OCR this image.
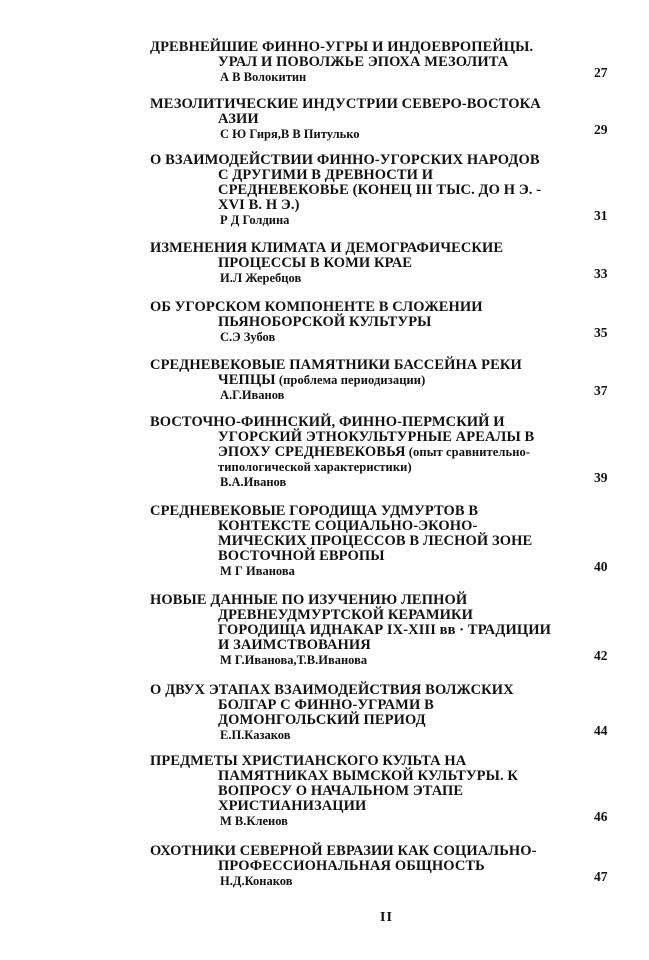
ДРЕВНЕЙШИЕ ФИННО-УГРЫ И ИНДОЕВРОПЕЙЦЫ.
УРАЛ И ПОВОЛЖЬЕ ЭПОХА МЕЗОЛИТА
А В Волокитин	27
МЕЗОЛИТИЧЕСКИЕ ИНДУСТРИИ СЕВЕРО-ВОСТОКА
АЗИИ
С Ю Гиря,В В Питулько	29
О ВЗАИМОДЕЙСТВИИ ФИННО-УГОРСКИХ НАРОДОВ
С ДРУГИМИ В ДРЕВНОСТИ И
СРЕДНЕВЕКОВЬЕ (КОНЕЦ III ТЫС. ДО Н Э. -
XVI В. Н Э.)
Р Д Голдина	31
ИЗМЕНЕНИЯ КЛИМАТА И ДЕМОГРАФИЧЕСКИЕ
ПРОЦЕССЫ В КОМИ КРАЕ
И.Л Жеребцов	33
ОБ УГОРСКОМ КОМПОНЕНТЕ В СЛОЖЕНИИ
ПЬЯНОБОРСКОЙ КУЛЬТУРЫ
С.Э Зубов	35
СРЕДНЕВЕКОВЫЕ ПАМЯТНИКИ БАССЕЙНА РЕКИ
ЧЕПЦЫ (проблема периодизации)
А.Г.Иванов	37
ВОСТОЧНО-ФИННСКИЙ, ФИННО-ПЕРМСКИЙ И
УГОРСКИЙ ЭТНОКУЛЬТУРНЫЕ АРЕАЛЫ В
ЭПОХУ СРЕДНЕВЕКОВЬЯ (опыт сравнительно-
типологической характеристики)
В.А.Иванов	39
СРЕДНЕВЕКОВЫЕ ГОРОДИЩА УДМУРТОВ В
КОНТЕКСТЕ СОЦИАЛЬНО-ЭКОНО-
МИЧЕСКИХ ПРОЦЕССОВ В ЛЕСНОЙ ЗОНЕ
ВОСТОЧНОЙ ЕВРОПЫ
М Г Иванова	40
НОВЫЕ ДАННЫЕ ПО ИЗУЧЕНИЮ ЛЕПНОЙ
ДРЕВНЕУДМУРТСКОЙ КЕРАМИКИ
ГОРОДИЩА ИДНАКАР IX-XIII вв · ТРАДИЦИИ
И ЗАИМСТВОВАНИЯ
М Г.Иванова,Т.В.Иванова	42
О ДВУХ ЭТАПАХ ВЗАИМОДЕЙСТВИЯ ВОЛЖСКИХ
БОЛГАР С ФИННО-УГРАМИ В
ДОМОНГОЛЬСКИЙ ПЕРИОД
Е.П.Казаков	44
ПРЕДМЕТЫ ХРИСТИАНСКОГО КУЛЬТА НА
ПАМЯТНИКАХ ВЫМСКОЙ КУЛЬТУРЫ. К
ВОПРОСУ О НАЧАЛЬНОМ ЭТАПЕ
ХРИСТИАНИЗАЦИИ
М В.Кленов	46
ОХОТНИКИ СЕВЕРНОЙ ЕВРАЗИИ КАК СОЦИАЛЬНО-
ПРОФЕССИОНАЛЬНАЯ ОБЩНОСТЬ
Н.Д.Конаков	47
II
